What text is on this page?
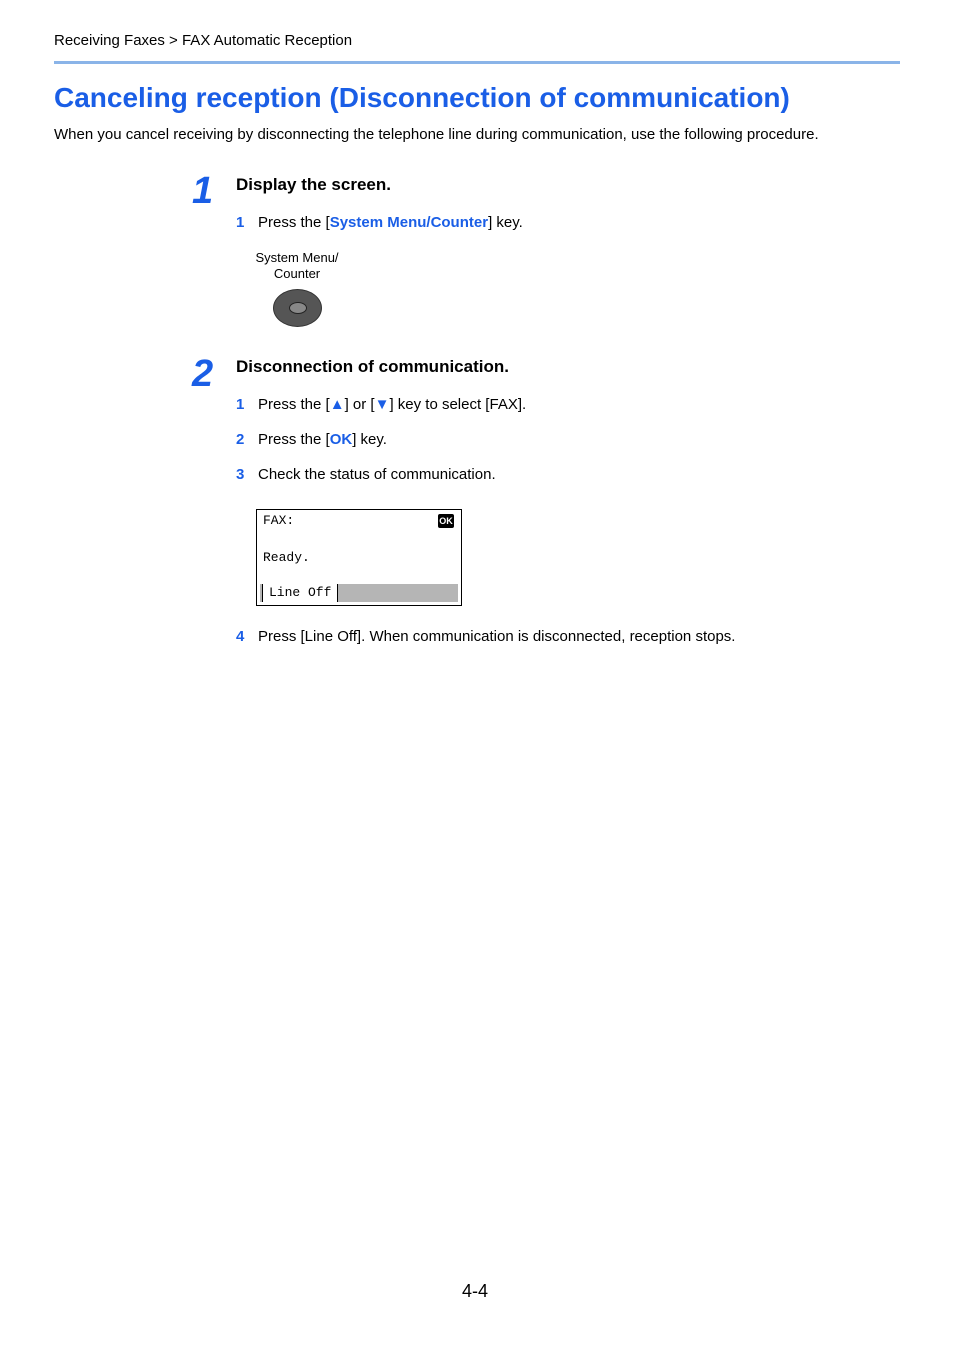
Receiving Faxes > FAX Automatic Reception
Canceling reception (Disconnection of communication)
When you cancel receiving by disconnecting the telephone line during communication, use the following procedure.
1 Display the screen.
1 Press the [System Menu/Counter] key.
System Menu/
Counter
2 Disconnection of communication.
1 Press the [▲] or [▼] key to select [FAX].
2 Press the [OK] key.
3 Check the status of communication.
FAX:	OK
Ready.
Line Off
4 Press [Line Off]. When communication is disconnected, reception stops.
4-4
